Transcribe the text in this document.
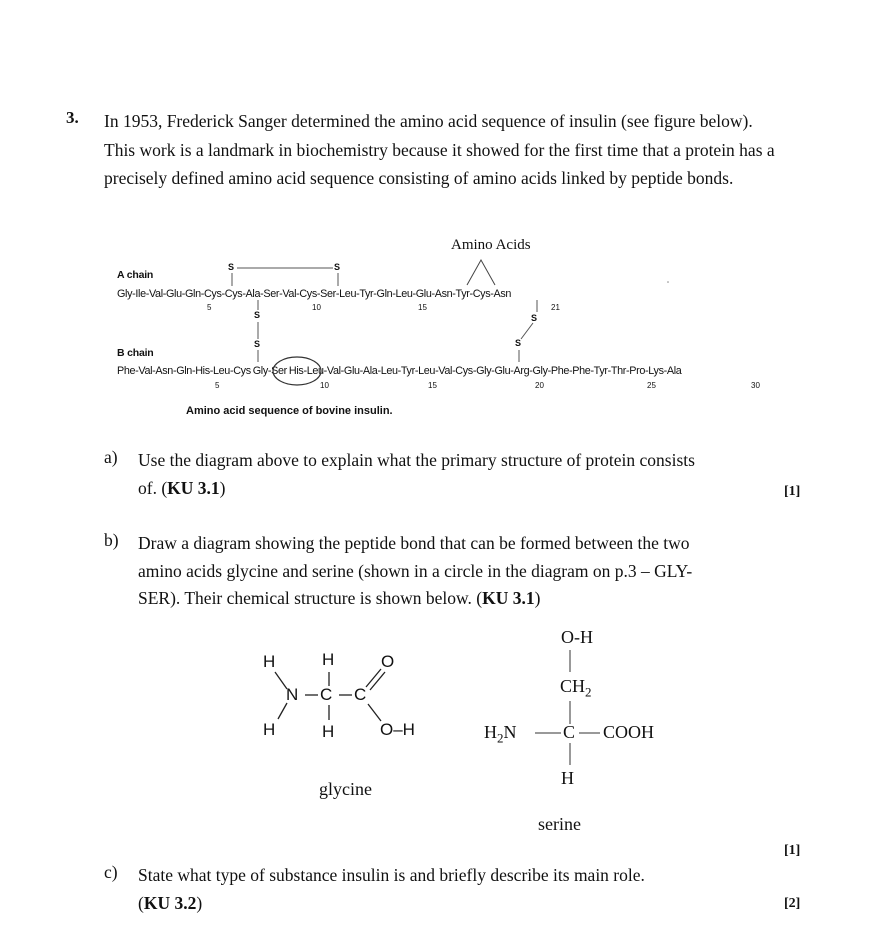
3. In 1953, Frederick Sanger determined the amino acid sequence of insulin (see figure below). This work is a landmark in biochemistry because it showed for the first time that a protein has a precisely defined amino acid sequence consisting of amino acids linked by peptide bonds.
Amino Acids
A chain
Gly-Ile-Val-Glu-Gln-Cys-Cys-Ala-Ser-Val-Cys-Ser-Leu-Tyr-Gln-Leu-Glu-Asn-Tyr-Cys-Asn
5	10	15	21
S	S
S
S
S
S
B chain
Phe-Val-Asn-Gln-His-Leu-Cys Gly-Ser His-Leu-Val-Glu-Ala-Leu-Tyr-Leu-Val-Cys-Gly-Glu-Arg-Gly-Phe-Phe-Tyr-Thr-Pro-Lys-Ala
5	10	15	20	25	30
Amino acid sequence of bovine insulin.
a) Use the diagram above to explain what the primary structure of protein consists
of. (KU 3.1)	[1]
b) Draw a diagram showing the peptide bond that can be formed between the two
amino acids glycine and serine (shown in a circle in the diagram on p.3 – GLY-
SER). Their chemical structure is shown below. (KU 3.1)
H	H	O
N C C
H	H	O–H
glycine
O-H
$CH_2$
$H_2N$	C COOH
H
serine
[1]
c) State what type of substance insulin is and briefly describe its main role.
(KU 3.2)	[2]
